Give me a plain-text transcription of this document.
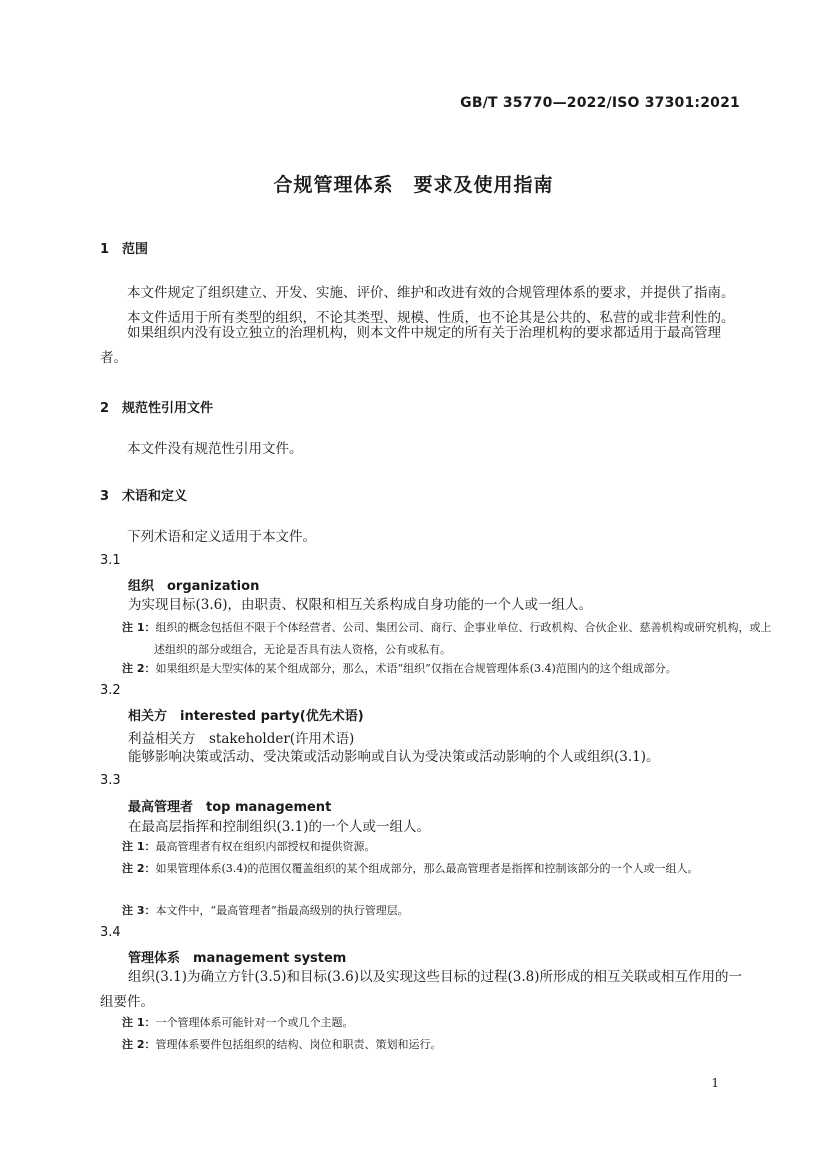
GB/T 35770—2022/ISO 37301:2021
合规管理体系　要求及使用指南
1 范围
本文件规定了组织建立、开发、实施、评价、维护和改进有效的合规管理体系的要求，并提供了指南。
本文件适用于所有类型的组织，不论其类型、规模、性质，也不论其是公共的、私营的或非营利性的。
如果组织内没有设立独立的治理机构，则本文件中规定的所有关于治理机构的要求都适用于最高管理者。
2 规范性引用文件
本文件没有规范性引用文件。
3 术语和定义
下列术语和定义适用于本文件。
3.1
组织　organization
为实现目标(3.6)，由职责、权限和相互关系构成自身功能的一个人或一组人。
注 1：组织的概念包括但不限于个体经营者、公司、集团公司、商行、企事业单位、行政机构、合伙企业、慈善机构或研究机构，或上述组织的部分或组合，无论是否具有法人资格，公有或私有。
注 2：如果组织是大型实体的某个组成部分，那么，术语“组织”仅指在合规管理体系(3.4)范围内的这个组成部分。
3.2
相关方　interested party(优先术语)
利益相关方　stakeholder(许用术语)
能够影响决策或活动、受决策或活动影响或自认为受决策或活动影响的个人或组织(3.1)。
3.3
最高管理者　top management
在最高层指挥和控制组织(3.1)的一个人或一组人。
注 1：最高管理者有权在组织内部授权和提供资源。
注 2：如果管理体系(3.4)的范围仅覆盖组织的某个组成部分，那么最高管理者是指挥和控制该部分的一个人或一组人。
注 3：本文件中，“最高管理者”指最高级别的执行管理层。
3.4
管理体系　management system
组织(3.1)为确立方针(3.5)和目标(3.6)以及实现这些目标的过程(3.8)所形成的相互关联或相互作用的一组要件。
注 1：一个管理体系可能针对一个或几个主题。
注 2：管理体系要件包括组织的结构、岗位和职责、策划和运行。
1
